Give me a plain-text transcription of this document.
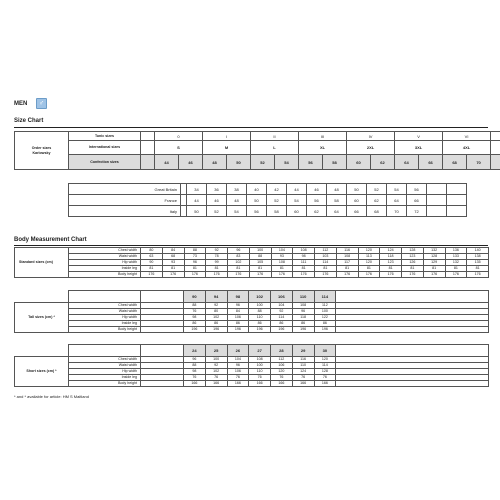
MEN	♂
Size Chart
Order sizes
Karlowsky	Tunic sizes		0		I		II		III		IV		V		VI		
	International sizes		S		M		L		XL		2XL		3XL		4XL		
	Confection sizes		44	46	48	50	52	54	56	58	60	62	64	66	68	70	
Great Britain		34	36	38	40	42	44	46	48	50	52	54	56		
France		44	46	48	50	52	54	56	58	60	62	64	66		
Italy		50	52	54	56	58	60	62	64	66	68	70	72		
Body Measurement Chart
Standard sizes (cm)	Chest width	80	84	88	92	96	100	104	108	112	116	120	124	128	132	136	140
	Waist width	63	68	73	78	83	88	93	98	103	108	113	118	123	128	133	138
	Hip width	90	93	96	99	102	105	108	111	114	117	120	123	126	129	132	135
	Inside leg	81	81	81	81	81	81	81	81	81	81	81	81	81	81	81	81
	Body height	176	176	176	176	176	176	176	176	176	176	176	176	176	176	176	176
			90	94	98	102	106	110	114	
Tall sizes (cm) *	Chest width		88	92	96	100	104	108	112	
	Waist width		76	80	84	88	92	96	100	
	Hip width		98	102	106	110	114	118	122	
	Inside leg		86	86	86	86	86	86	86	
	Body height		196	196	196	196	196	196	196	
			24	25	26	27	28	29	30	
Short sizes (cm) *	Chest width		96	100	104	108	112	116	120	
	Waist width		88	92	96	100	106	110	114	
	Hip width		98	102	106	110	120	124	128	
	Inside leg		76	76	76	76	76	76	76	
	Body height		166	166	166	166	166	166	166	
* and * available for article: HM S Maitland
